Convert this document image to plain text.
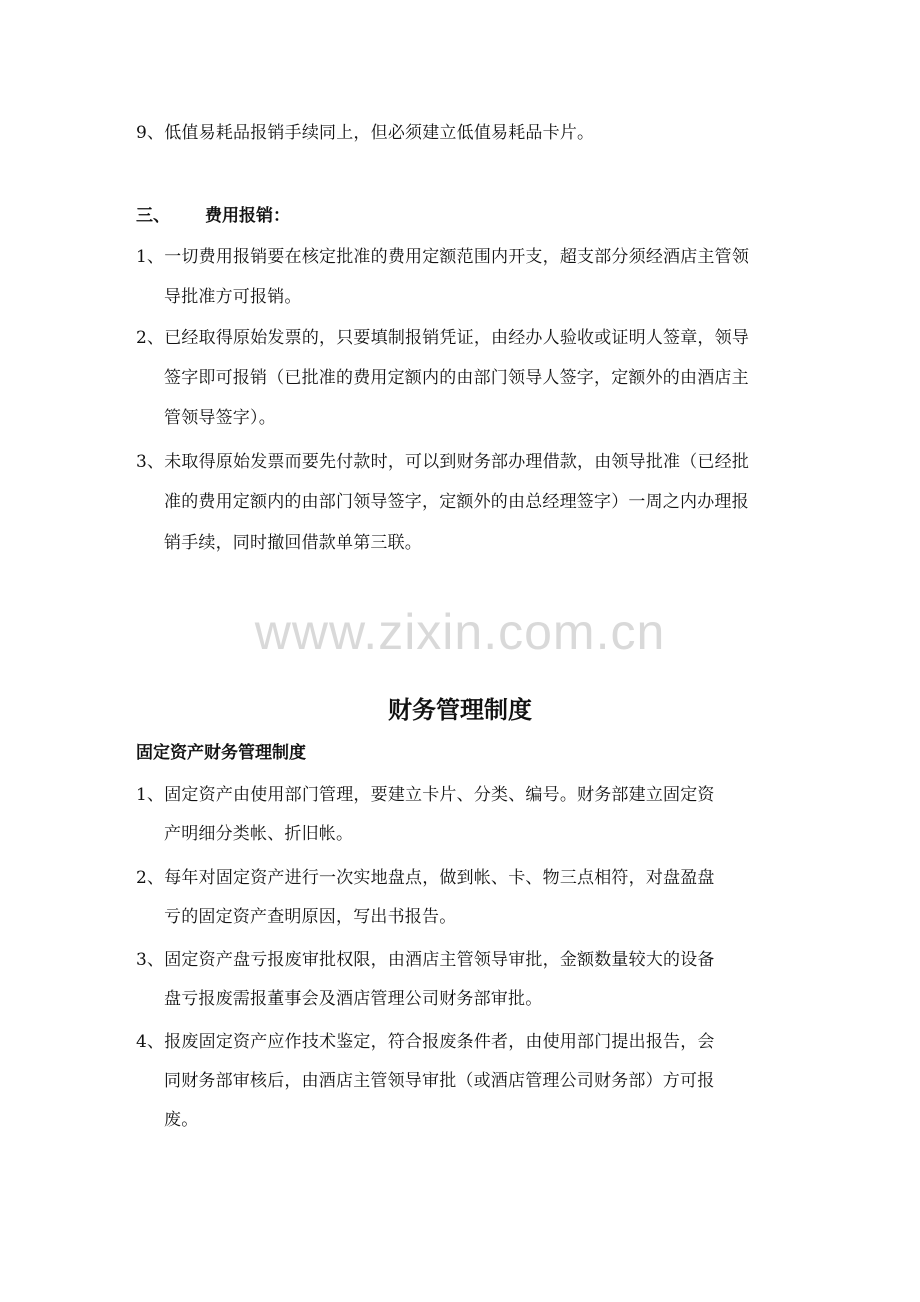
9、低值易耗品报销手续同上，但必须建立低值易耗品卡片。
三、 费用报销：
1、一切费用报销要在核定批准的费用定额范围内开支，超支部分须经酒店主管领
导批准方可报销。
2、已经取得原始发票的，只要填制报销凭证，由经办人验收或证明人签章，领导
签字即可报销（已批准的费用定额内的由部门领导人签字，定额外的由酒店主
管领导签字）。
3、未取得原始发票而要先付款时，可以到财务部办理借款，由领导批准（已经批
准的费用定额内的由部门领导签字，定额外的由总经理签字）一周之内办理报
销手续，同时撤回借款单第三联。
www.zixin.com.cn
财务管理制度
固定资产财务管理制度
1、固定资产由使用部门管理，要建立卡片、分类、编号。财务部建立固定资
产明细分类帐、折旧帐。
2、每年对固定资产进行一次实地盘点，做到帐、卡、物三点相符，对盘盈盘
亏的固定资产查明原因，写出书报告。
3、固定资产盘亏报废审批权限，由酒店主管领导审批，金额数量较大的设备
盘亏报废需报董事会及酒店管理公司财务部审批。
4、报废固定资产应作技术鉴定，符合报废条件者，由使用部门提出报告，会
同财务部审核后，由酒店主管领导审批（或酒店管理公司财务部）方可报
废。
